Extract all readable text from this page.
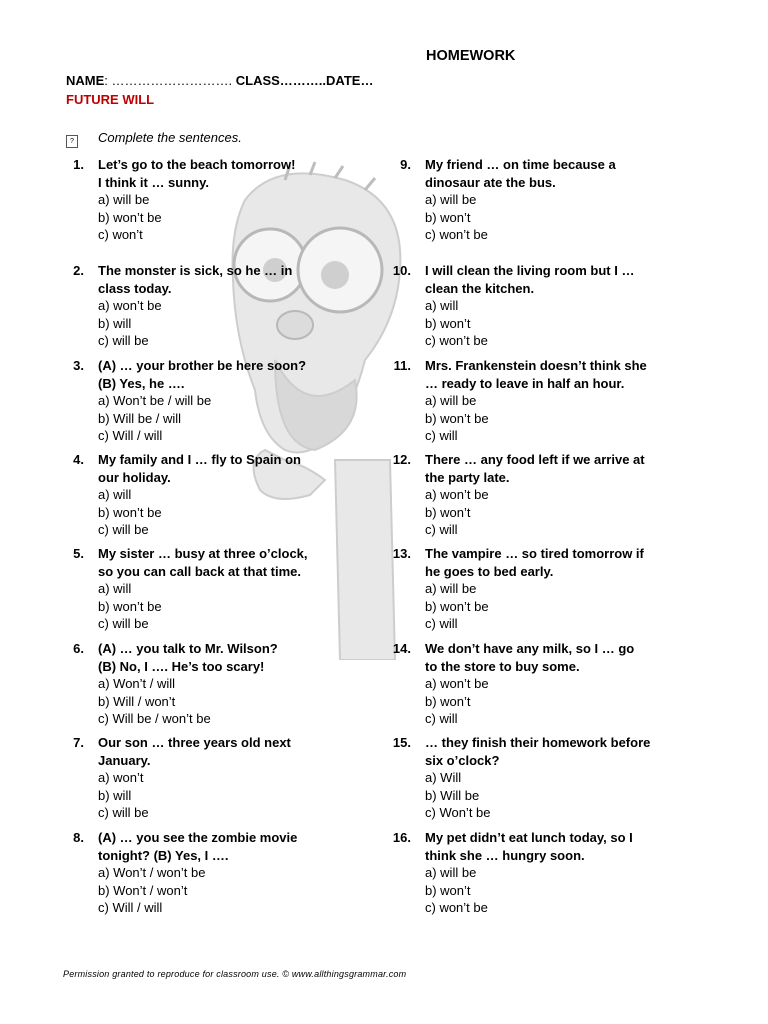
HOMEWORK
NAME: ………………………. CLASS………..DATE…
FUTURE WILL
? Complete the sentences.
1. Let’s go to the beach tomorrow!
I think it … sunny.
a) will be
b) won’t be
c) won’t
2. The monster is sick, so he … in
class today.
a) won’t be
b) will
c) will be
3. (A) … your brother be here soon?
(B) Yes, he ….
a) Won’t be / will be
b) Will be / will
c) Will / will
4. My family and I … fly to Spain on
our holiday.
a) will
b) won’t be
c) will be
5. My sister … busy at three o’clock,
so you can call back at that time.
a) will
b) won’t be
c) will be
6. (A) … you talk to Mr. Wilson?
(B) No, I …. He’s too scary!
a) Won’t / will
b) Will / won’t
c) Will be / won’t be
7. Our son … three years old next
January.
a) won’t
b) will
c) will be
8. (A) … you see the zombie movie
tonight? (B) Yes, I ….
a) Won’t / won’t be
b) Won’t / won’t
c) Will / will
9. My friend … on time because a
dinosaur ate the bus.
a) will be
b) won’t
c) won’t be
10. I will clean the living room but I …
clean the kitchen.
a) will
b) won’t
c) won’t be
11. Mrs. Frankenstein doesn’t think she
… ready to leave in half an hour.
a) will be
b) won’t be
c) will
12. There … any food left if we arrive at
the party late.
a) won’t be
b) won’t
c) will
13. The vampire … so tired tomorrow if
he goes to bed early.
a) will be
b) won’t be
c) will
14. We don’t have any milk, so I … go
to the store to buy some.
a) won’t be
b) won’t
c) will
15. … they finish their homework before
six o’clock?
a) Will
b) Will be
c) Won’t be
16. My pet didn’t eat lunch today, so I
think she … hungry soon.
a) will be
b) won’t
c) won’t be
Permission granted to reproduce for classroom use. © www.allthingsgrammar.com
